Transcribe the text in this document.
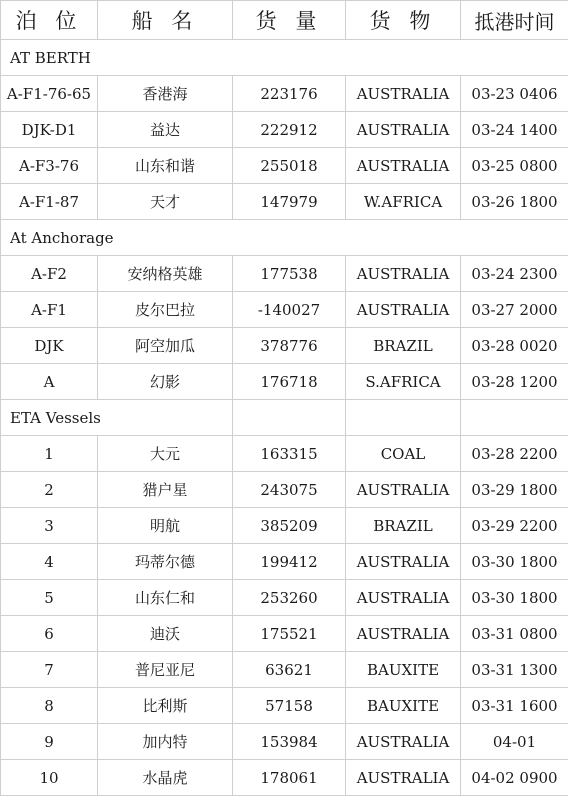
泊 位	船 名	货 量	货 物	抵港时间
AT BERTH				
A-F1-76-65	香港海	223176	AUSTRALIA	03-23 0406
DJK-D1	益达	222912	AUSTRALIA	03-24 1400
A-F3-76	山东和谐	255018	AUSTRALIA	03-25 0800
A-F1-87	天才	147979	W.AFRICA	03-26 1800
At Anchorage				
A-F2	安纳格英雄	177538	AUSTRALIA	03-24 2300
A-F1	皮尔巴拉	-140027	AUSTRALIA	03-27 2000
DJK	阿空加瓜	378776	BRAZIL	03-28 0020
A	幻影	176718	S.AFRICA	03-28 1200
ETA Vessels				
1	大元	163315	COAL	03-28 2200
2	猎户星	243075	AUSTRALIA	03-29 1800
3	明航	385209	BRAZIL	03-29 2200
4	玛蒂尔德	199412	AUSTRALIA	03-30 1800
5	山东仁和	253260	AUSTRALIA	03-30 1800
6	迪沃	175521	AUSTRALIA	03-31 0800
7	普尼亚尼	63621	BAUXITE	03-31 1300
8	比利斯	57158	BAUXITE	03-31 1600
9	加内特	153984	AUSTRALIA	04-01
10	水晶虎	178061	AUSTRALIA	04-02 0900
